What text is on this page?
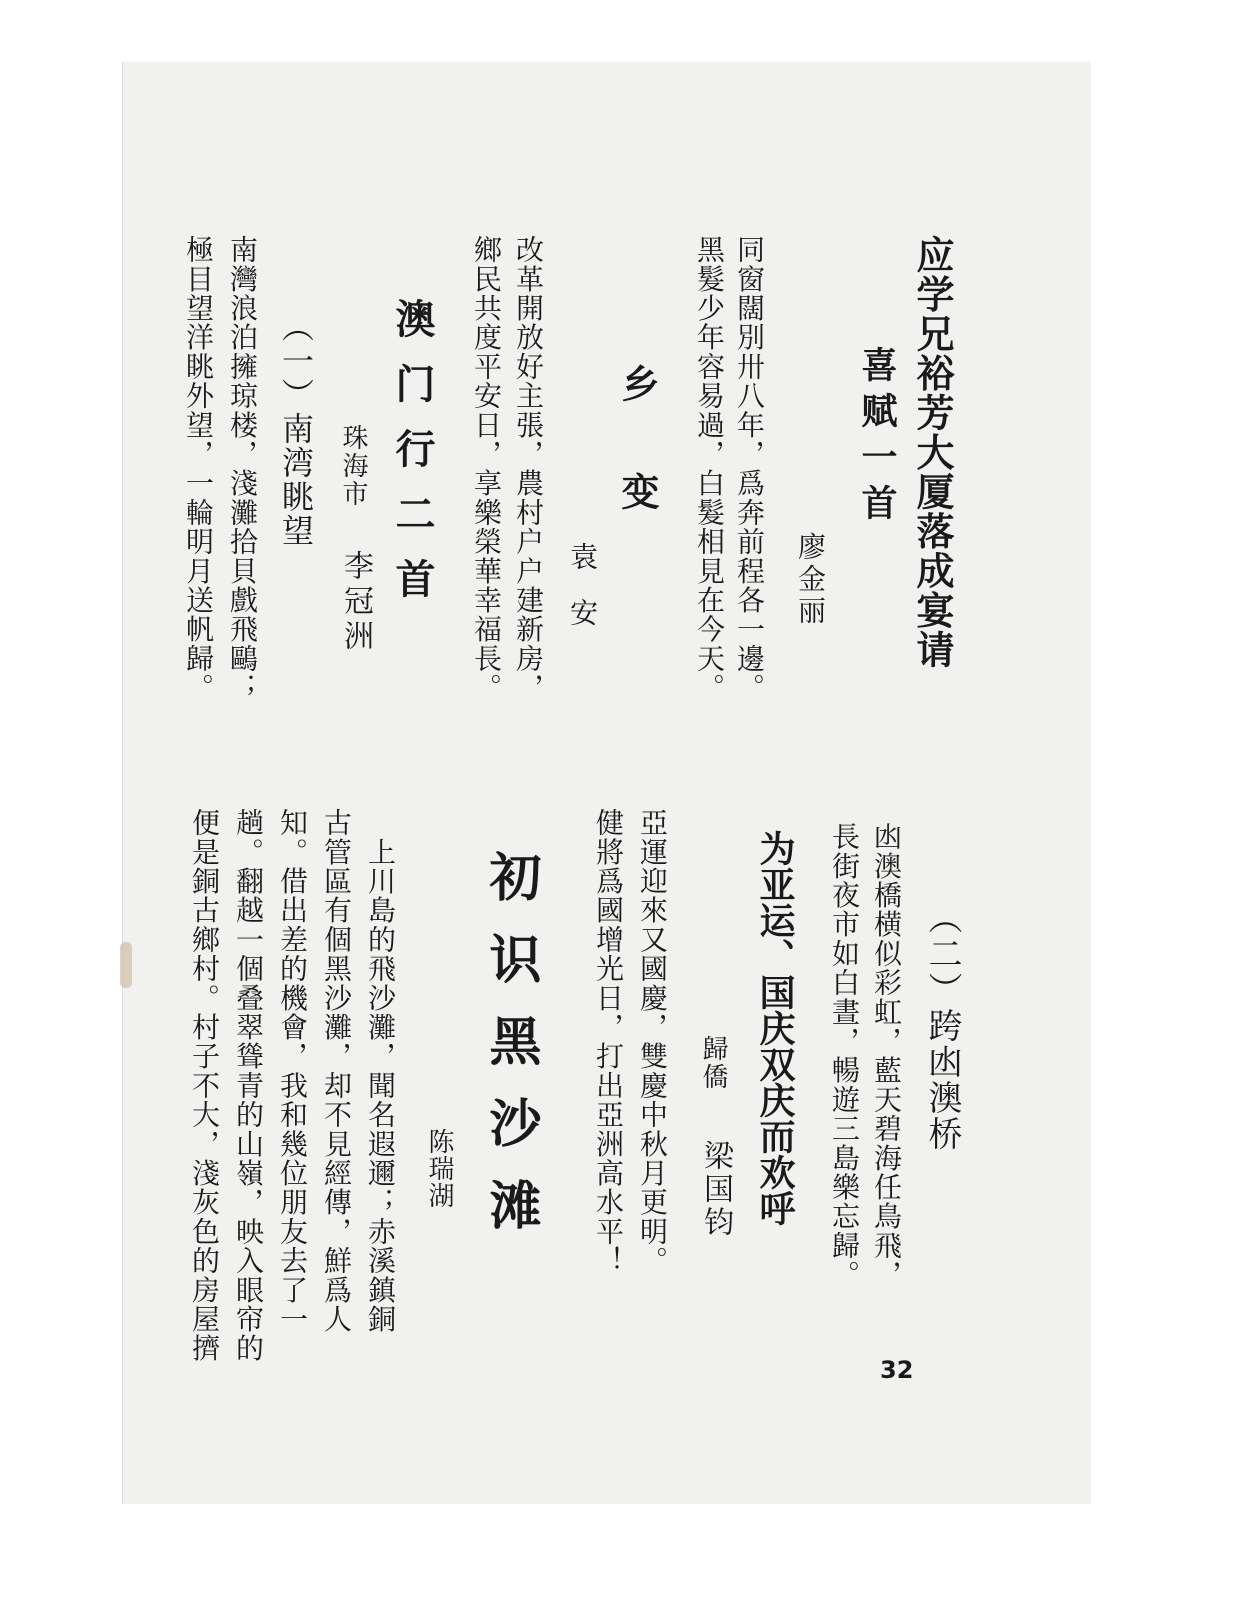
应学兄裕芳大厦落成宴请
喜赋一首
廖金丽
同窗闊別卅八年，爲奔前程各一邊。
黑髮少年容易過，白髮相見在今天。
乡变
袁安
改革開放好主張，農村户户建新房，
鄉民共度平安日，享樂榮華幸福長。
澳门行二首
珠海市
李冠洲
（一）南湾眺望
南灣浪泊擁琼楼，淺灘拾貝戲飛鷗；
極目望洋眺外望，一輪明月送帆歸。
（二）跨凼澳桥
凼澳橋横似彩虹，藍天碧海任鳥飛，
長街夜市如白晝，暢遊三島樂忘歸。
为亚运、国庆双庆而欢呼
歸僑
梁国钧
亞運迎來又國慶，雙慶中秋月更明。
健將爲國增光日，打出亞洲高水平！
初识黑沙滩
陈瑞湖
　上川島的飛沙灘，聞名遐邇；赤溪鎮銅
古管區有個黑沙灘，却不見經傳，鮮爲人
知。借出差的機會，我和幾位朋友去了一
趟。翻越一個叠翠聳青的山嶺，映入眼帘的
便是銅古鄉村。村子不大，淺灰色的房屋擠
32
